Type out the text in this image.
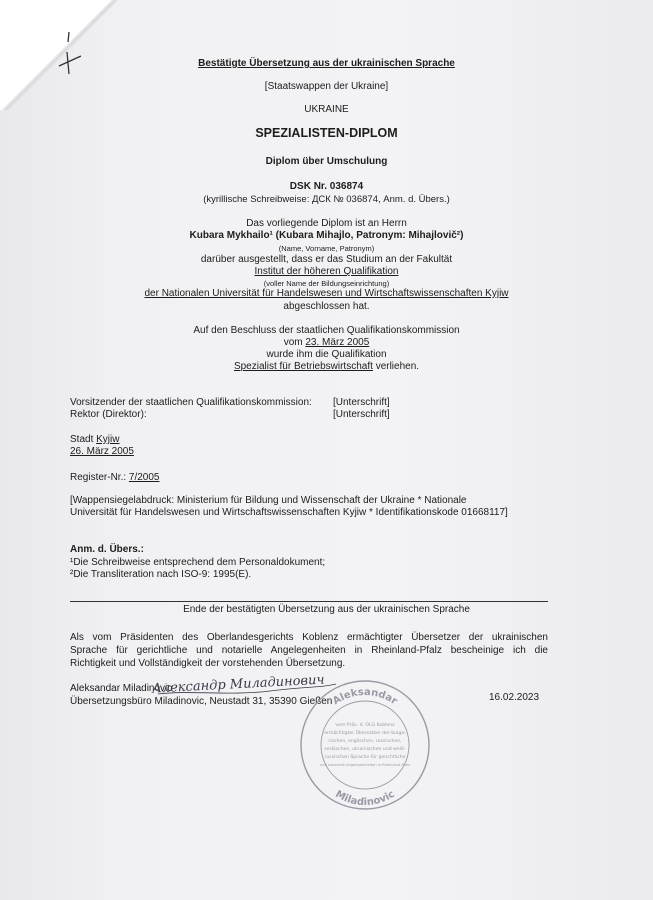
Bestätigte Übersetzung aus der ukrainischen Sprache
[Staatswappen der Ukraine]
UKRAINE
SPEZIALISTEN-DIPLOM
Diplom über Umschulung
DSK Nr. 036874
(kyrillische Schreibweise: ДСК № 036874, Anm. d. Übers.)
Das vorliegende Diplom ist an Herrn
Kubara Mykhailo¹ (Kubara Mihajlo, Patronym: Mihajlovič²)
(Name, Vorname, Patronym)
darüber ausgestellt, dass er das Studium an der Fakultät
Institut der höheren Qualifikation
(voller Name der Bildungseinrichtung)
der Nationalen Universität für Handelswesen und Wirtschaftswissenschaften Kyjiw
abgeschlossen hat.
Auf den Beschluss der staatlichen Qualifikationskommission
vom 23. März 2005
wurde ihm die Qualifikation
Spezialist für Betriebswirtschaft verliehen.
Vorsitzender der staatlichen Qualifikationskommission: [Unterschrift]
Rektor (Direktor):	[Unterschrift]
Stadt Kyjiw
26. März 2005
Register-Nr.: 7/2005
[Wappensiegelabdruck: Ministerium für Bildung und Wissenschaft der Ukraine * Nationale
Universität für Handelswesen und Wirtschaftswissenschaften Kyjiw * Identifikationskode 01668117]
Anm. d. Übers.:
¹Die Schreibweise entsprechend dem Personaldokument;
²Die Transliteration nach ISO-9: 1995(E).
Ende der bestätigten Übersetzung aus der ukrainischen Sprache
Als vom Präsidenten des Oberlandesgerichts Koblenz ermächtigter Übersetzer der ukrainischen
Sprache für gerichtliche und notarielle Angelegenheiten in Rheinland-Pfalz bescheinige ich die
Richtigkeit und Vollständigkeit der vorstehenden Übersetzung.
Aleksandar Miladinovic
Übersetzungsbüro Miladinovic, Neustadt 31, 35390 Gießen	16.02.2023
Александр Миладинович
Aleksandar
Miladinovic
vom Präs. d. OLG Koblenz
ermächtigter Übersetzer der bulga-
rischen, englischen, russischen,
serbischen, ukrainischen und weiß-
russischen Sprache für gerichtliche
und notarielle Angelegenheiten in Rheinland-Pfalz
